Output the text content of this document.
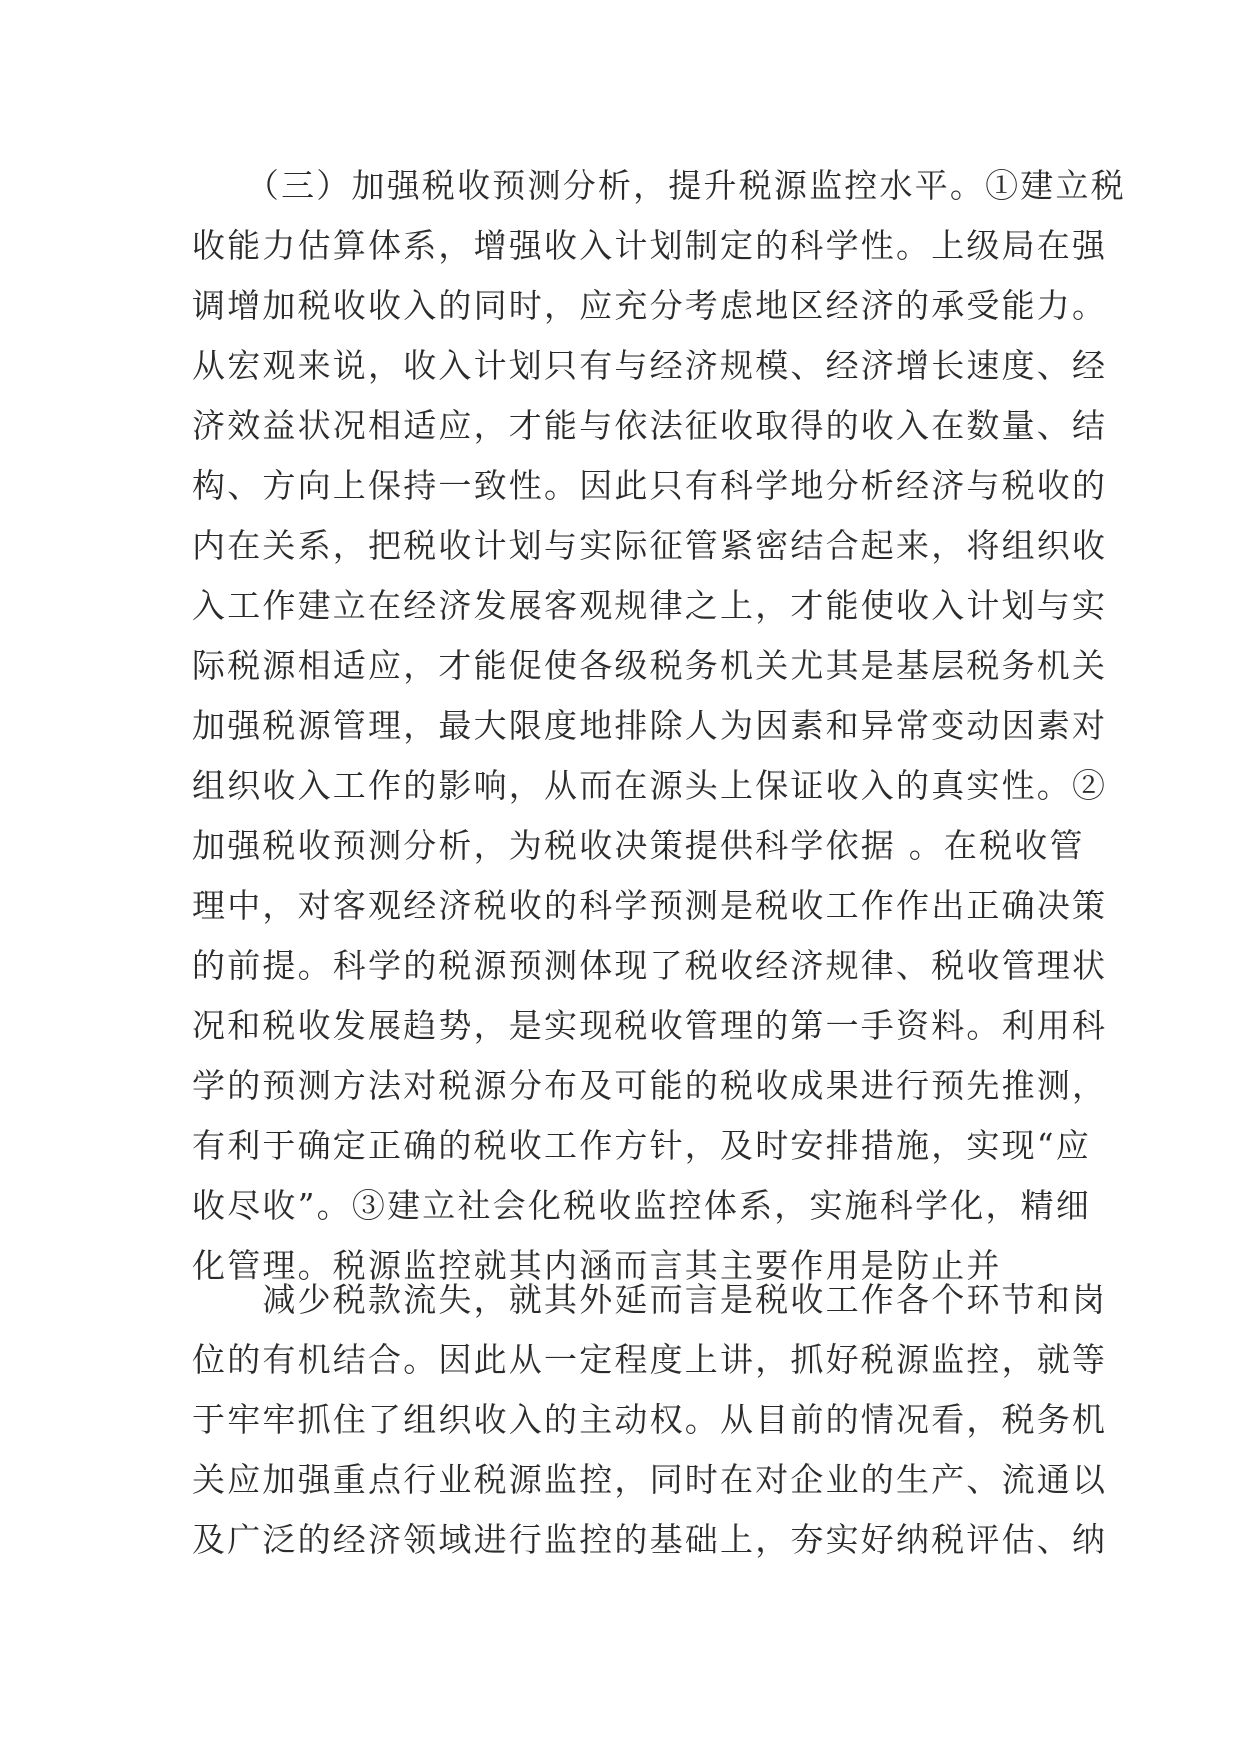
　　（三）加强税收预测分析，提升税源监控水平。①建立税
收能力估算体系，增强收入计划制定的科学性。上级局在强
调增加税收收入的同时，应充分考虑地区经济的承受能力。
从宏观来说，收入计划只有与经济规模、经济增长速度、经
济效益状况相适应，才能与依法征收取得的收入在数量、结
构、方向上保持一致性。因此只有科学地分析经济与税收的
内在关系，把税收计划与实际征管紧密结合起来，将组织收
入工作建立在经济发展客观规律之上，才能使收入计划与实
际税源相适应，才能促使各级税务机关尤其是基层税务机关
加强税源管理，最大限度地排除人为因素和异常变动因素对
组织收入工作的影响，从而在源头上保证收入的真实性。②
加强税收预测分析，为税收决策提供科学依据 。在税收管
理中，对客观经济税收的科学预测是税收工作作出正确决策
的前提。科学的税源预测体现了税收经济规律、税收管理状
况和税收发展趋势，是实现税收管理的第一手资料。利用科
学的预测方法对税源分布及可能的税收成果进行预先推测，
有利于确定正确的税收工作方针，及时安排措施，实现“应
收尽收”。③建立社会化税收监控体系，实施科学化，精细
化管理。税源监控就其内涵而言其主要作用是防止并
　　减少税款流失，就其外延而言是税收工作各个环节和岗
位的有机结合。因此从一定程度上讲，抓好税源监控，就等
于牢牢抓住了组织收入的主动权。从目前的情况看，税务机
关应加强重点行业税源监控，同时在对企业的生产、流通以
及广泛的经济领域进行监控的基础上，夯实好纳税评估、纳
